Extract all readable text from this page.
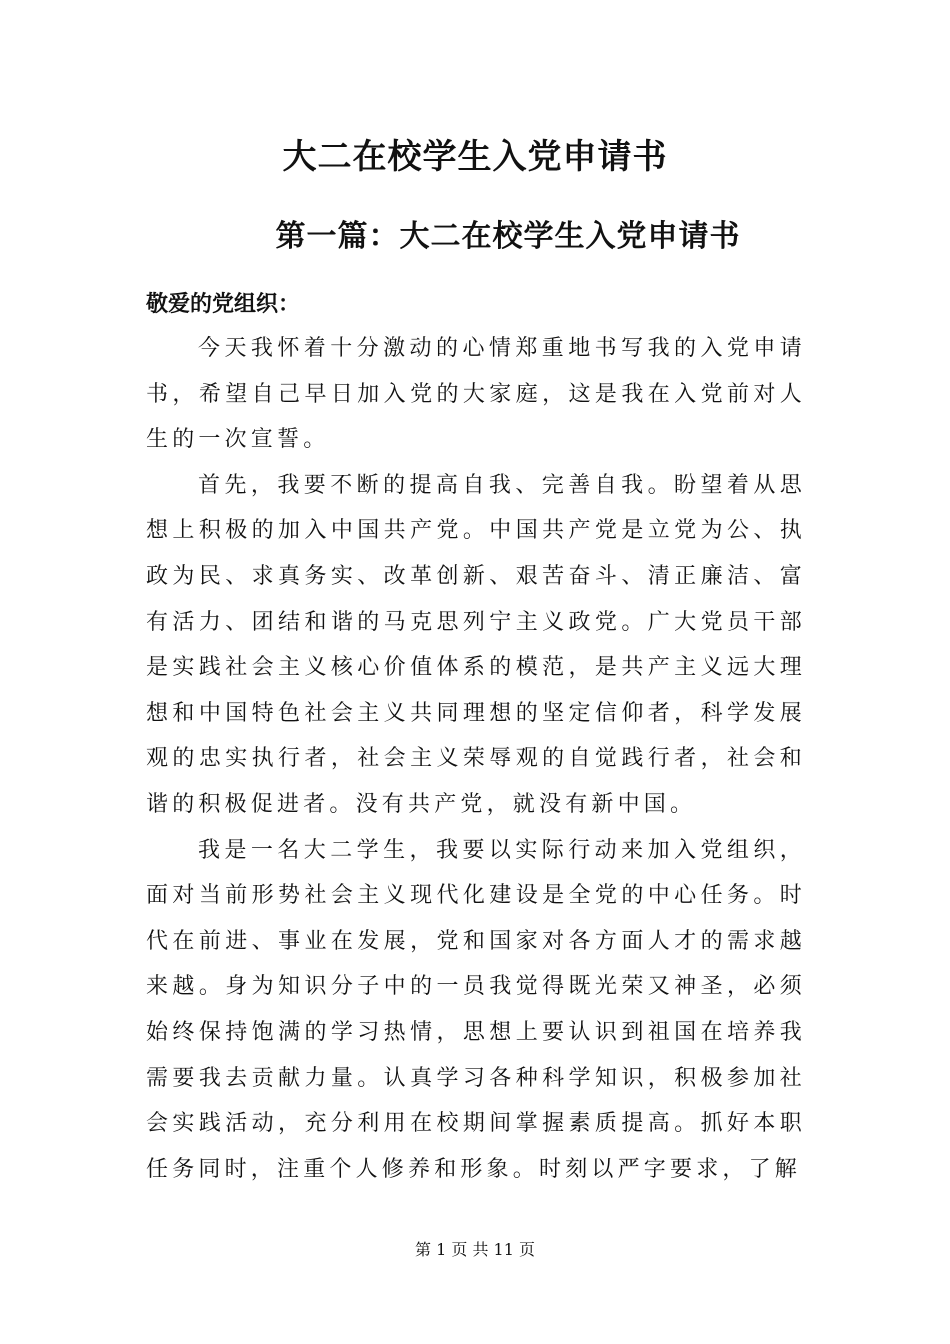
大二在校学生入党申请书
第一篇：大二在校学生入党申请书

敬爱的党组织：

今天我怀着十分激动的心情郑重地书写我的入党申请书，希望自己早日加入党的大家庭，这是我在入党前对人生的一次宣誓。

首先，我要不断的提高自我、完善自我。盼望着从思想上积极的加入中国共产党。中国共产党是立党为公、执政为民、求真务实、改革创新、艰苦奋斗、清正廉洁、富有活力、团结和谐的马克思列宁主义政党。广大党员干部是实践社会主义核心价值体系的模范，是共产主义远大理想和中国特色社会主义共同理想的坚定信仰者，科学发展观的忠实执行者，社会主义荣辱观的自觉践行者，社会和谐的积极促进者。没有共产党，就没有新中国。

我是一名大二学生，我要以实际行动来加入党组织，面对当前形势社会主义现代化建设是全党的中心任务。时代在前进、事业在发展，党和国家对各方面人才的需求越来越。身为知识分子中的一员我觉得既光荣又神圣，必须始终保持饱满的学习热情，思想上要认识到祖国在培养我需要我去贡献力量。认真学习各种科学知识，积极参加社会实践活动，充分利用在校期间掌握素质提高。抓好本职任务同时，注重个人修养和形象。时刻以严字要求，了解

第 1 页 共 11 页
